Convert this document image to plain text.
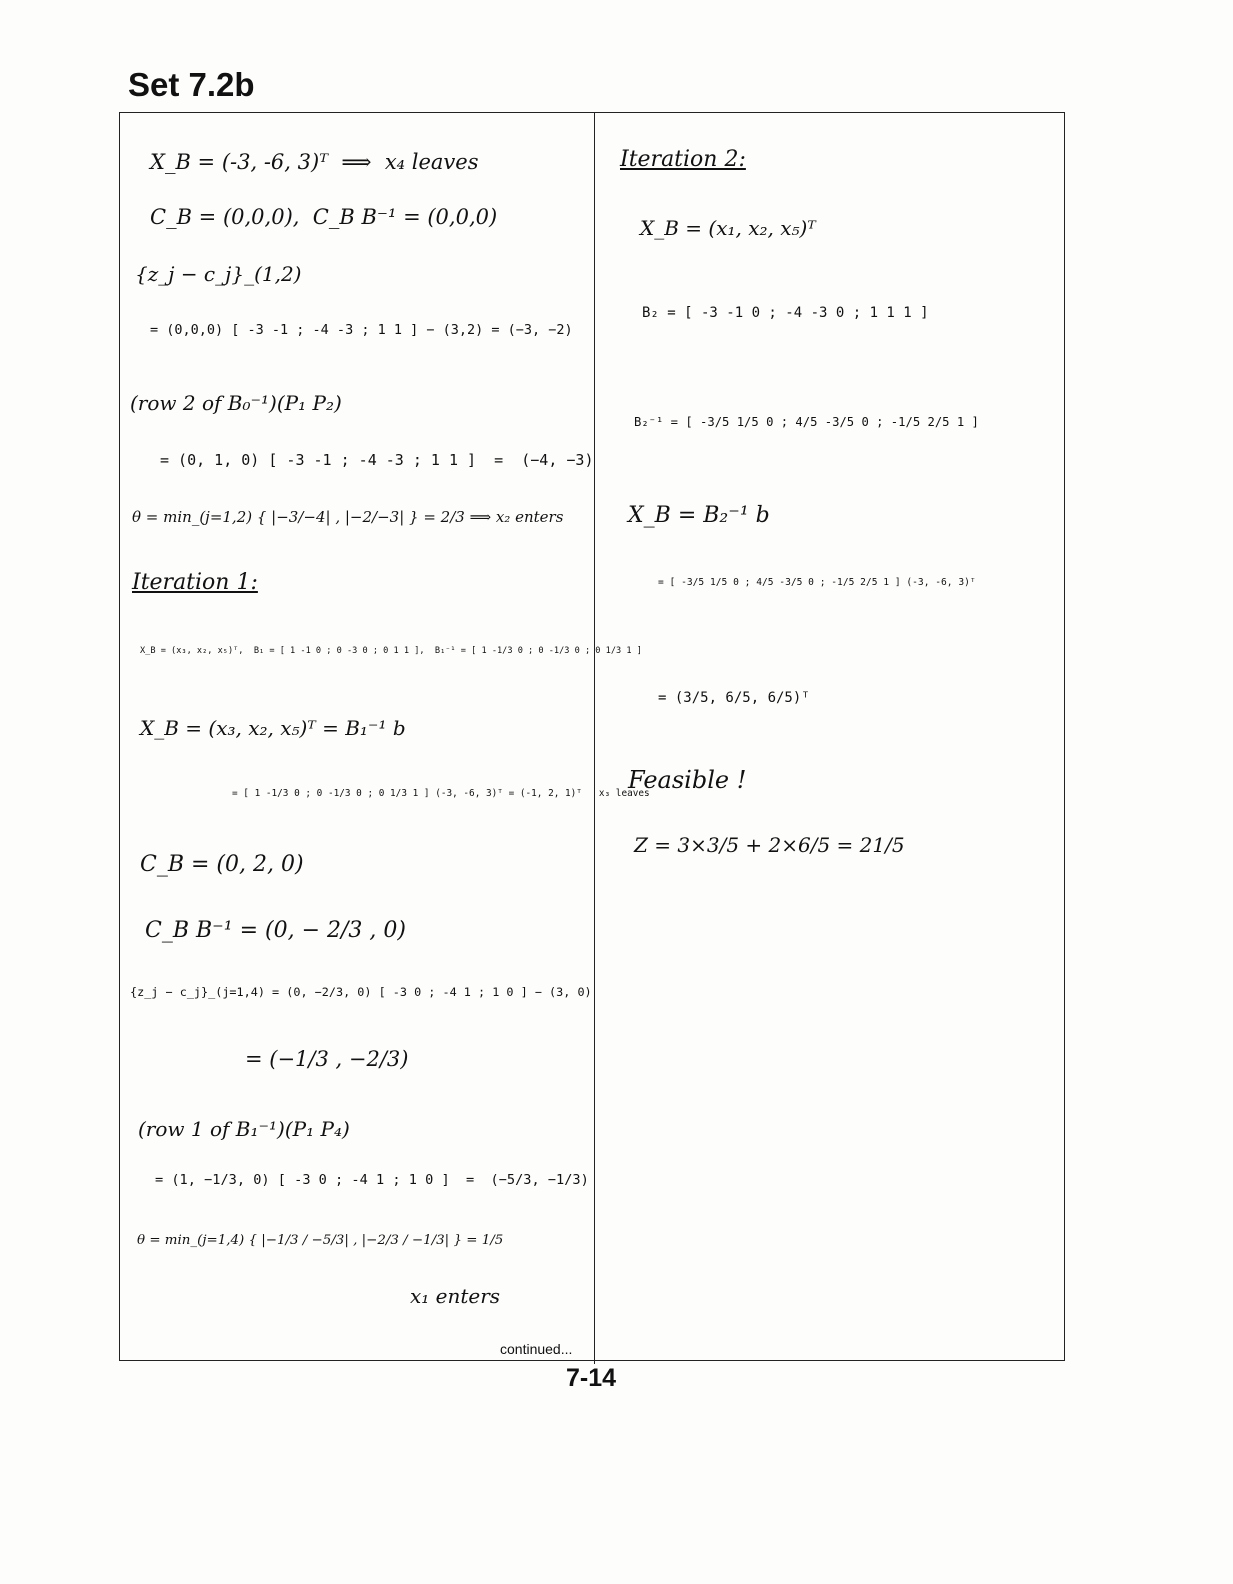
Set 7.2b
X_B = (-3, -6, 3)ᵀ  ⟹  x₄ leaves
C_B = (0,0,0),  C_B B⁻¹ = (0,0,0)
{z_j − c_j}_(1,2)
= (0,0,0) [ -3 -1 ; -4 -3 ; 1 1 ] − (3,2) = (−3, −2)
(row 2 of B₀⁻¹)(P₁ P₂)
= (0, 1, 0) [ -3 -1 ; -4 -3 ; 1 1 ]  =  (−4, −3)
θ = min_(j=1,2) { |−3/−4| , |−2/−3| } = 2/3 ⟹ x₂ enters
Iteration 1:
X_B = (x₃, x₂, x₅)ᵀ,  B₁ = [ 1 -1 0 ; 0 -3 0 ; 0 1 1 ],  B₁⁻¹ = [ 1 -1/3 0 ; 0 -1/3 0 ; 0 1/3 1 ]
X_B = (x₃, x₂, x₅)ᵀ = B₁⁻¹ b
= [ 1 -1/3 0 ; 0 -1/3 0 ; 0 1/3 1 ] (-3, -6, 3)ᵀ = (-1, 2, 1)ᵀ   x₃ leaves
C_B = (0, 2, 0)
C_B B⁻¹ = (0, − 2/3 , 0)
{z_j − c_j}_(j=1,4) = (0, −2/3, 0) [ -3 0 ; -4 1 ; 1 0 ] − (3, 0)
= (−1/3 , −2/3)
(row 1 of B₁⁻¹)(P₁ P₄)
= (1, −1/3, 0) [ -3 0 ; -4 1 ; 1 0 ]  =  (−5/3, −1/3)
θ = min_(j=1,4) { |−1/3 / −5/3| , |−2/3 / −1/3| } = 1/5
x₁ enters
Iteration 2:
X_B = (x₁, x₂, x₅)ᵀ
B₂ = [ -3 -1 0 ; -4 -3 0 ; 1 1 1 ]
B₂⁻¹ = [ -3/5 1/5 0 ; 4/5 -3/5 0 ; -1/5 2/5 1 ]
X_B = B₂⁻¹ b
= [ -3/5 1/5 0 ; 4/5 -3/5 0 ; -1/5 2/5 1 ] (-3, -6, 3)ᵀ
= (3/5, 6/5, 6/5)ᵀ
Feasible !
Z = 3×3/5 + 2×6/5 = 21/5
continued...
7-14
